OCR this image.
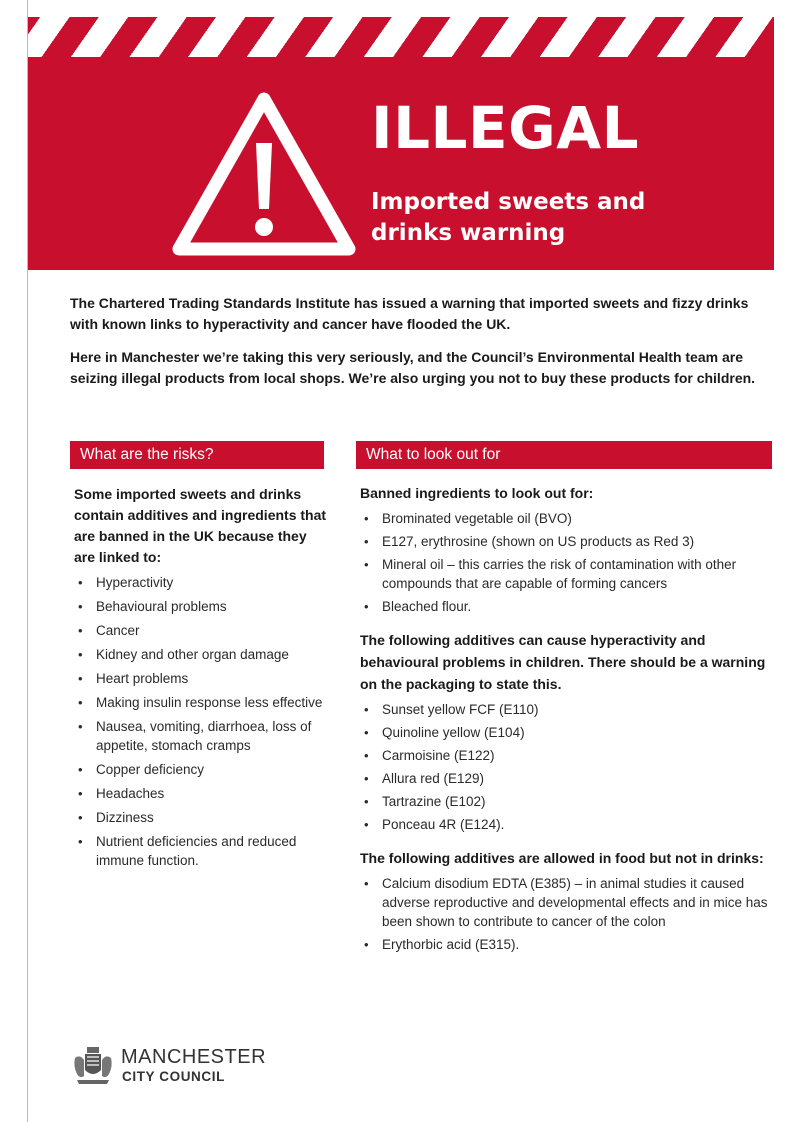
ILLEGAL
Imported sweets and drinks warning

The Chartered Trading Standards Institute has issued a warning that imported sweets and fizzy drinks with known links to hyperactivity and cancer have flooded the UK.

Here in Manchester we’re taking this very seriously, and the Council’s Environmental Health team are seizing illegal products from local shops. We’re also urging you not to buy these products for children.

What are the risks?	What to look out for
Some imported sweets and drinks contain additives and ingredients that are banned in the UK because they are linked to:
• Hyperactivity
• Behavioural problems
• Cancer
• Kidney and other organ damage
• Heart problems
• Making insulin response less effective
• Nausea, vomiting, diarrhoea, loss of appetite, stomach cramps
• Copper deficiency
• Headaches
• Dizziness
• Nutrient deficiencies and reduced immune function.
Banned ingredients to look out for:
• Brominated vegetable oil (BVO)
• E127, erythrosine (shown on US products as Red 3)
• Mineral oil – this carries the risk of contamination with other compounds that are capable of forming cancers
• Bleached flour.
The following additives can cause hyperactivity and behavioural problems in children. There should be a warning on the packaging to state this.
• Sunset yellow FCF (E110)
• Quinoline yellow (E104)
• Carmoisine (E122)
• Allura red (E129)
• Tartrazine (E102)
• Ponceau 4R (E124).
The following additives are allowed in food but not in drinks:
• Calcium disodium EDTA (E385) – in animal studies it caused adverse reproductive and developmental effects and in mice has been shown to contribute to cancer of the colon
• Erythorbic acid (E315).
MANCHESTER
CITY COUNCIL
